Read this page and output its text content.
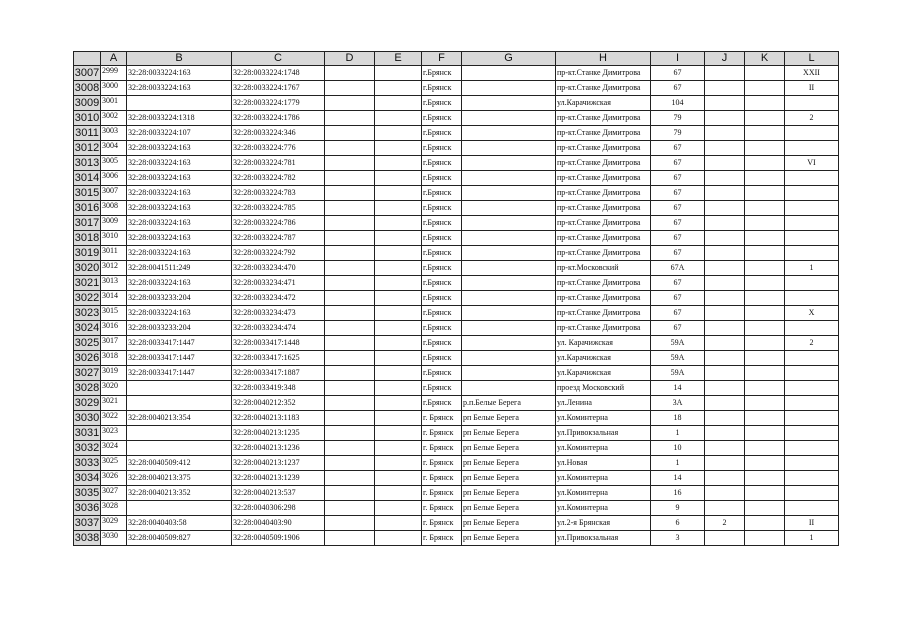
	A	B	C	D	E	F	G	H	I	J	K	L
3007	2999	32:28:0033224:163	32:28:0033224:1748			г.Брянск		пр-кт.Станке Димитрова	67			XXII
3008	3000	32:28:0033224:163	32:28:0033224:1767			г.Брянск		пр-кт.Станке Димитрова	67			II
3009	3001		32:28:0033224:1779			г.Брянск		ул.Карачижская	104			
3010	3002	32:28:0033224:1318	32:28:0033224:1786			г.Брянск		пр-кт.Станке Димитрова	79			2
3011	3003	32:28:0033224:107	32:28:0033224:346			г.Брянск		пр-кт.Станке Димитрова	79			
3012	3004	32:28:0033224:163	32:28:0033224:776			г.Брянск		пр-кт.Станке Димитрова	67			
3013	3005	32:28:0033224:163	32:28:0033224:781			г.Брянск		пр-кт.Станке Димитрова	67			VI
3014	3006	32:28:0033224:163	32:28:0033224:782			г.Брянск		пр-кт.Станке Димитрова	67			
3015	3007	32:28:0033224:163	32:28:0033224:783			г.Брянск		пр-кт.Станке Димитрова	67			
3016	3008	32:28:0033224:163	32:28:0033224:785			г.Брянск		пр-кт.Станке Димитрова	67			
3017	3009	32:28:0033224:163	32:28:0033224:786			г.Брянск		пр-кт.Станке Димитрова	67			
3018	3010	32:28:0033224:163	32:28:0033224:787			г.Брянск		пр-кт.Станке Димитрова	67			
3019	3011	32:28:0033224:163	32:28:0033224:792			г.Брянск		пр-кт.Станке Димитрова	67			
3020	3012	32:28:0041511:249	32:28:0033234:470			г.Брянск		пр-кт.Московский	67А			1
3021	3013	32:28:0033224:163	32:28:0033234:471			г.Брянск		пр-кт.Станке Димитрова	67			
3022	3014	32:28:0033233:204	32:28:0033234:472			г.Брянск		пр-кт.Станке Димитрова	67			
3023	3015	32:28:0033224:163	32:28:0033234:473			г.Брянск		пр-кт.Станке Димитрова	67			X
3024	3016	32:28:0033233:204	32:28:0033234:474			г.Брянск		пр-кт.Станке Димитрова	67			
3025	3017	32:28:0033417:1447	32:28:0033417:1448			г.Брянск		ул. Карачижская	59А			2
3026	3018	32:28:0033417:1447	32:28:0033417:1625			г.Брянск		ул.Карачижская	59А			
3027	3019	32:28:0033417:1447	32:28:0033417:1887			г.Брянск		ул.Карачижская	59А			
3028	3020		32:28:0033419:348			г.Брянск		проезд Московский	14			
3029	3021		32:28:0040212:352			г.Брянск	р.п.Белые Берега	ул.Ленина	3А			
3030	3022	32:28:0040213:354	32:28:0040213:1183			г. Брянск	рп Белые Берега	ул.Коминтерна	18			
3031	3023		32:28:0040213:1235			г. Брянск	рп Белые Берега	ул.Привокзальная	1			
3032	3024		32:28:0040213:1236			г. Брянск	рп Белые Берега	ул.Коминтерна	10			
3033	3025	32:28:0040509:412	32:28:0040213:1237			г. Брянск	рп Белые Берега	ул.Новая	1			
3034	3026	32:28:0040213:375	32:28:0040213:1239			г. Брянск	рп Белые Берега	ул.Коминтерна	14			
3035	3027	32:28:0040213:352	32:28:0040213:537			г. Брянск	рп Белые Берега	ул.Коминтерна	16			
3036	3028		32:28:0040306:298			г. Брянск	рп Белые Берега	ул.Коминтерна	9			
3037	3029	32:28:0040403:58	32:28:0040403:90			г. Брянск	рп Белые Берега	ул.2-я Брянская	6	2		II
3038	3030	32:28:0040509:827	32:28:0040509:1906			г. Брянск	рп Белые Берега	ул.Привокзальная	3			1
